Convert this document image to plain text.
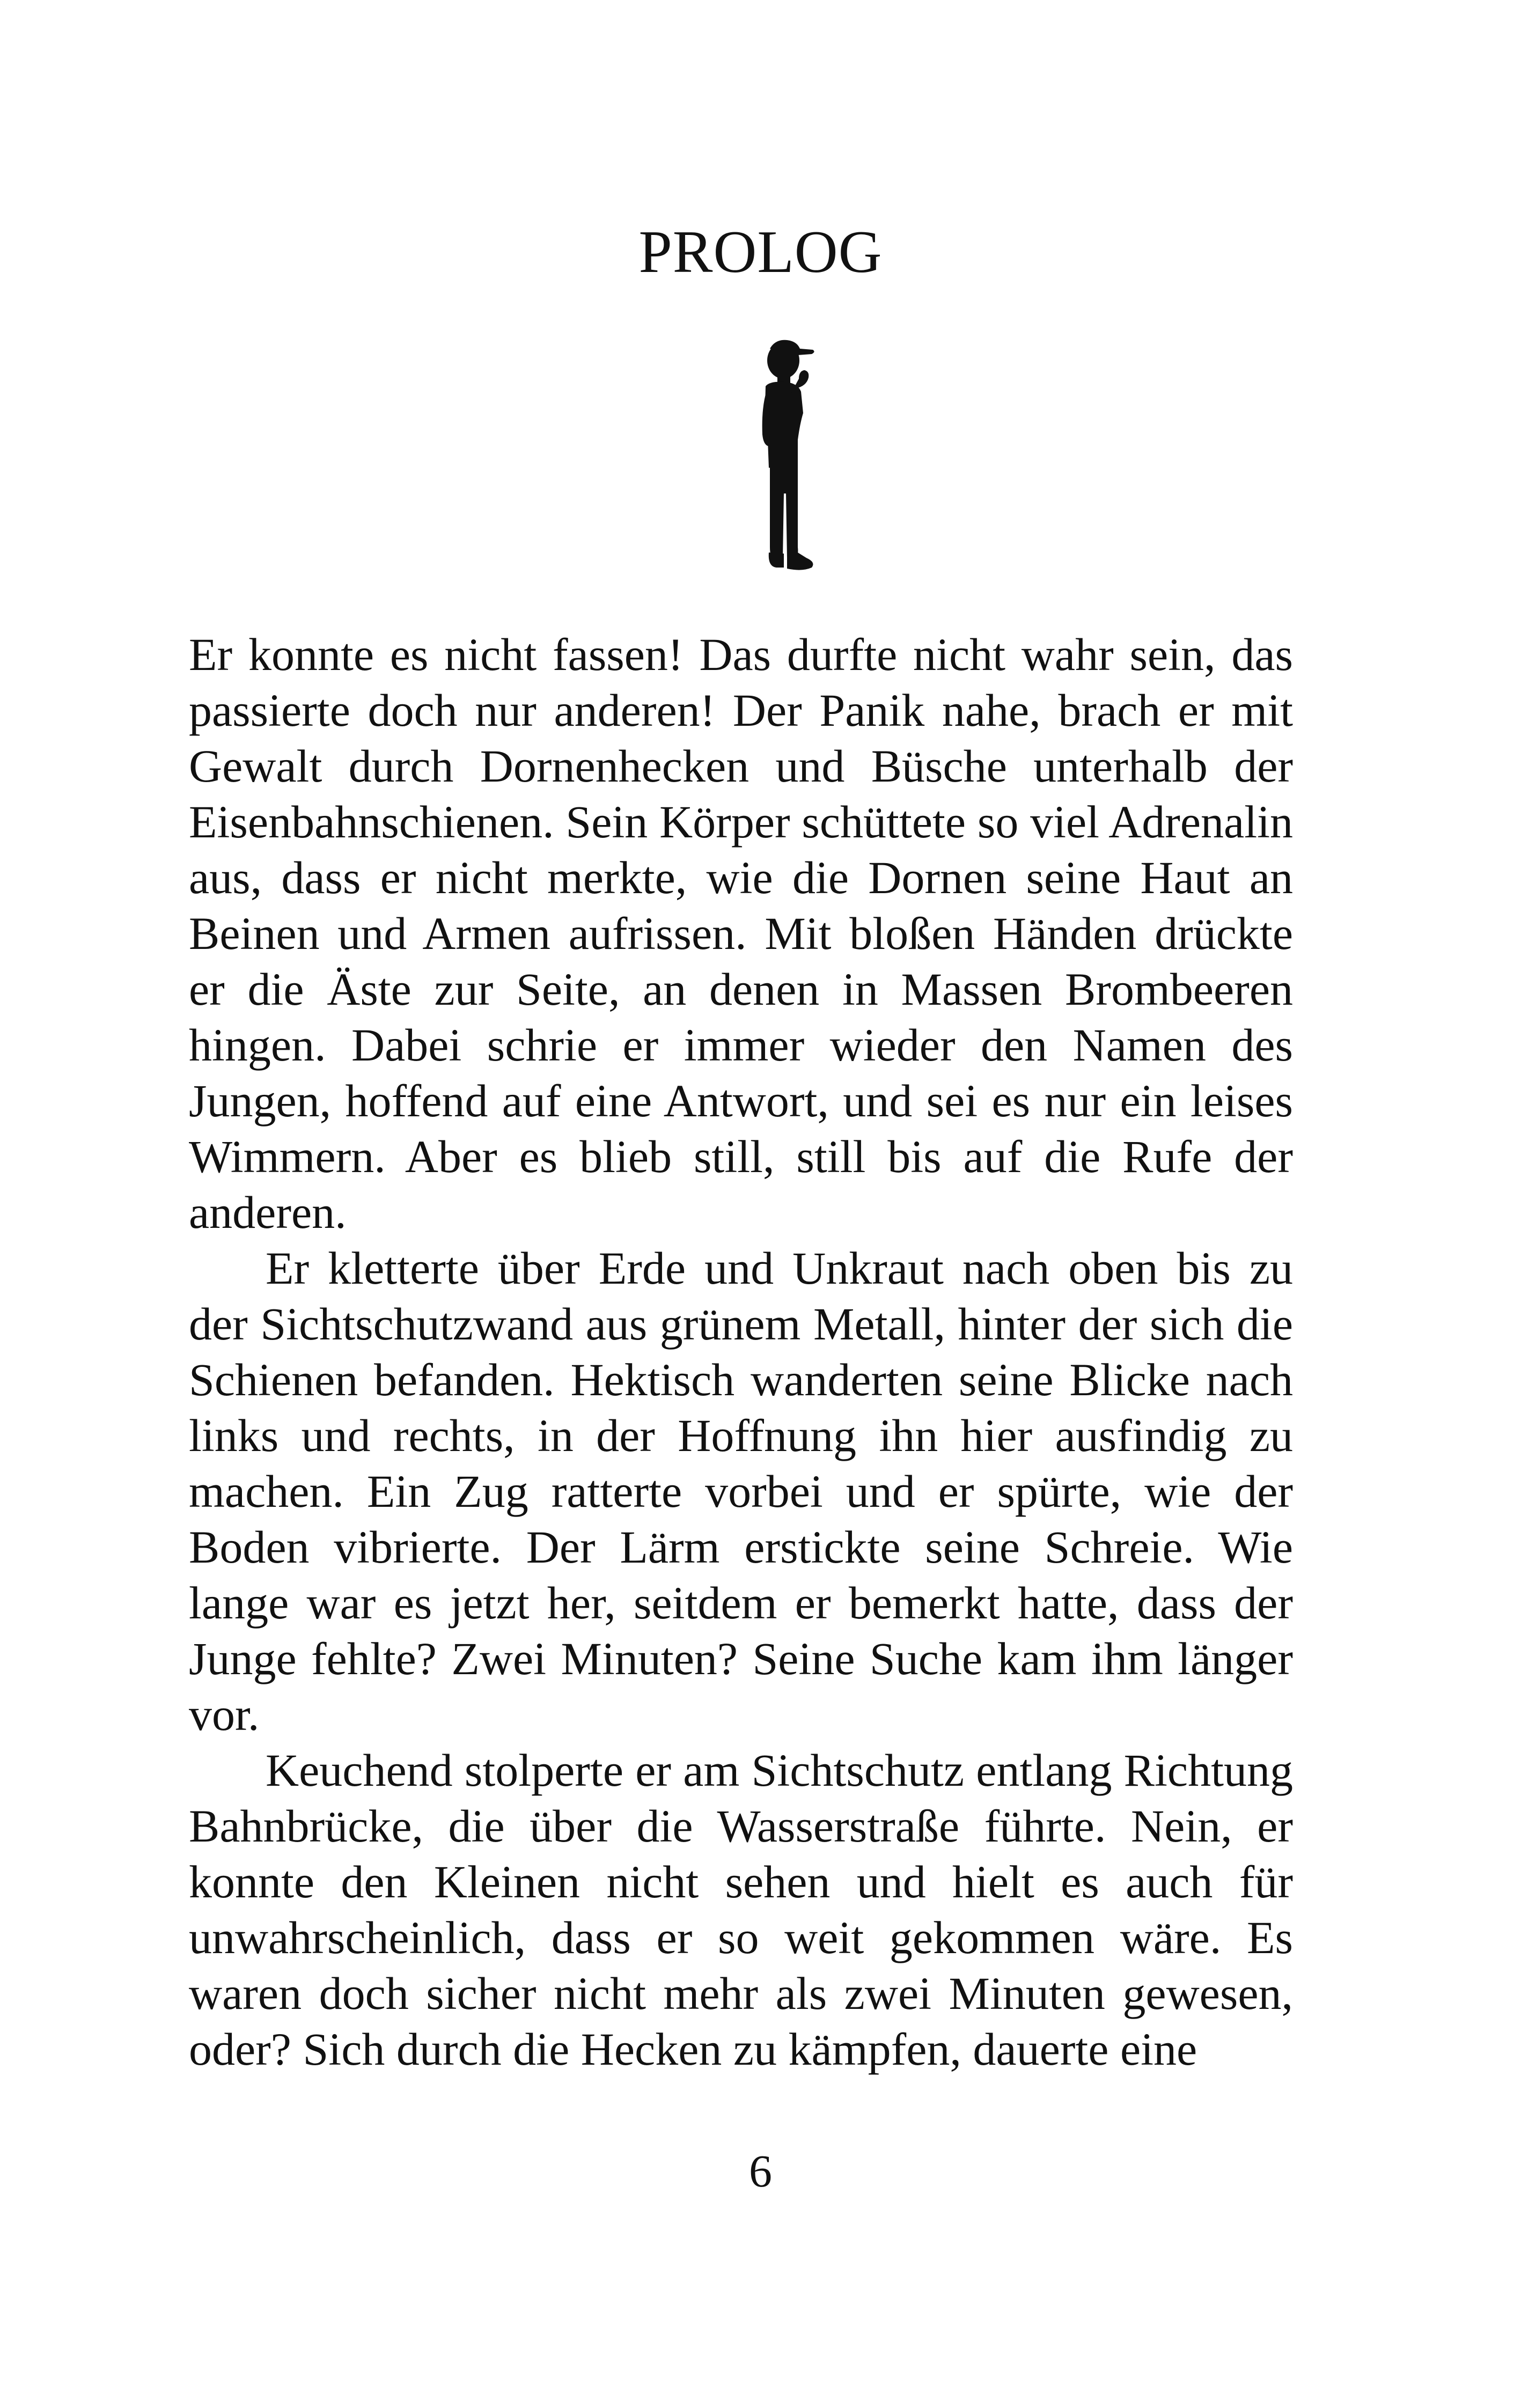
PROLOG

Er konnte es nicht fassen! Das durfte nicht wahr sein, das passierte doch nur anderen! Der Panik nahe, brach er mit Gewalt durch Dornenhecken und Büsche unterhalb der Eisenbahnschienen. Sein Körper schüttete so viel Adrenalin aus, dass er nicht merkte, wie die Dornen seine Haut an Beinen und Armen aufrissen. Mit bloßen Händen drückte er die Äste zur Seite, an denen in Massen Brombeeren hingen. Dabei schrie er immer wieder den Namen des Jungen, hoffend auf eine Antwort, und sei es nur ein leises Wimmern. Aber es blieb still, still bis auf die Rufe der anderen.

Er kletterte über Erde und Unkraut nach oben bis zu der Sichtschutzwand aus grünem Metall, hinter der sich die Schienen befanden. Hektisch wanderten seine Blicke nach links und rechts, in der Hoffnung ihn hier ausfindig zu machen. Ein Zug ratterte vorbei und er spürte, wie der Boden vibrierte. Der Lärm erstickte seine Schreie. Wie lange war es jetzt her, seitdem er bemerkt hatte, dass der Junge fehlte? Zwei Minuten? Seine Suche kam ihm länger vor.

Keuchend stolperte er am Sichtschutz entlang Richtung Bahnbrücke, die über die Wasserstraße führte. Nein, er konnte den Kleinen nicht sehen und hielt es auch für unwahrscheinlich, dass er so weit gekommen wäre. Es waren doch sicher nicht mehr als zwei Minuten gewesen, oder? Sich durch die Hecken zu kämpfen, dauerte eine

6
